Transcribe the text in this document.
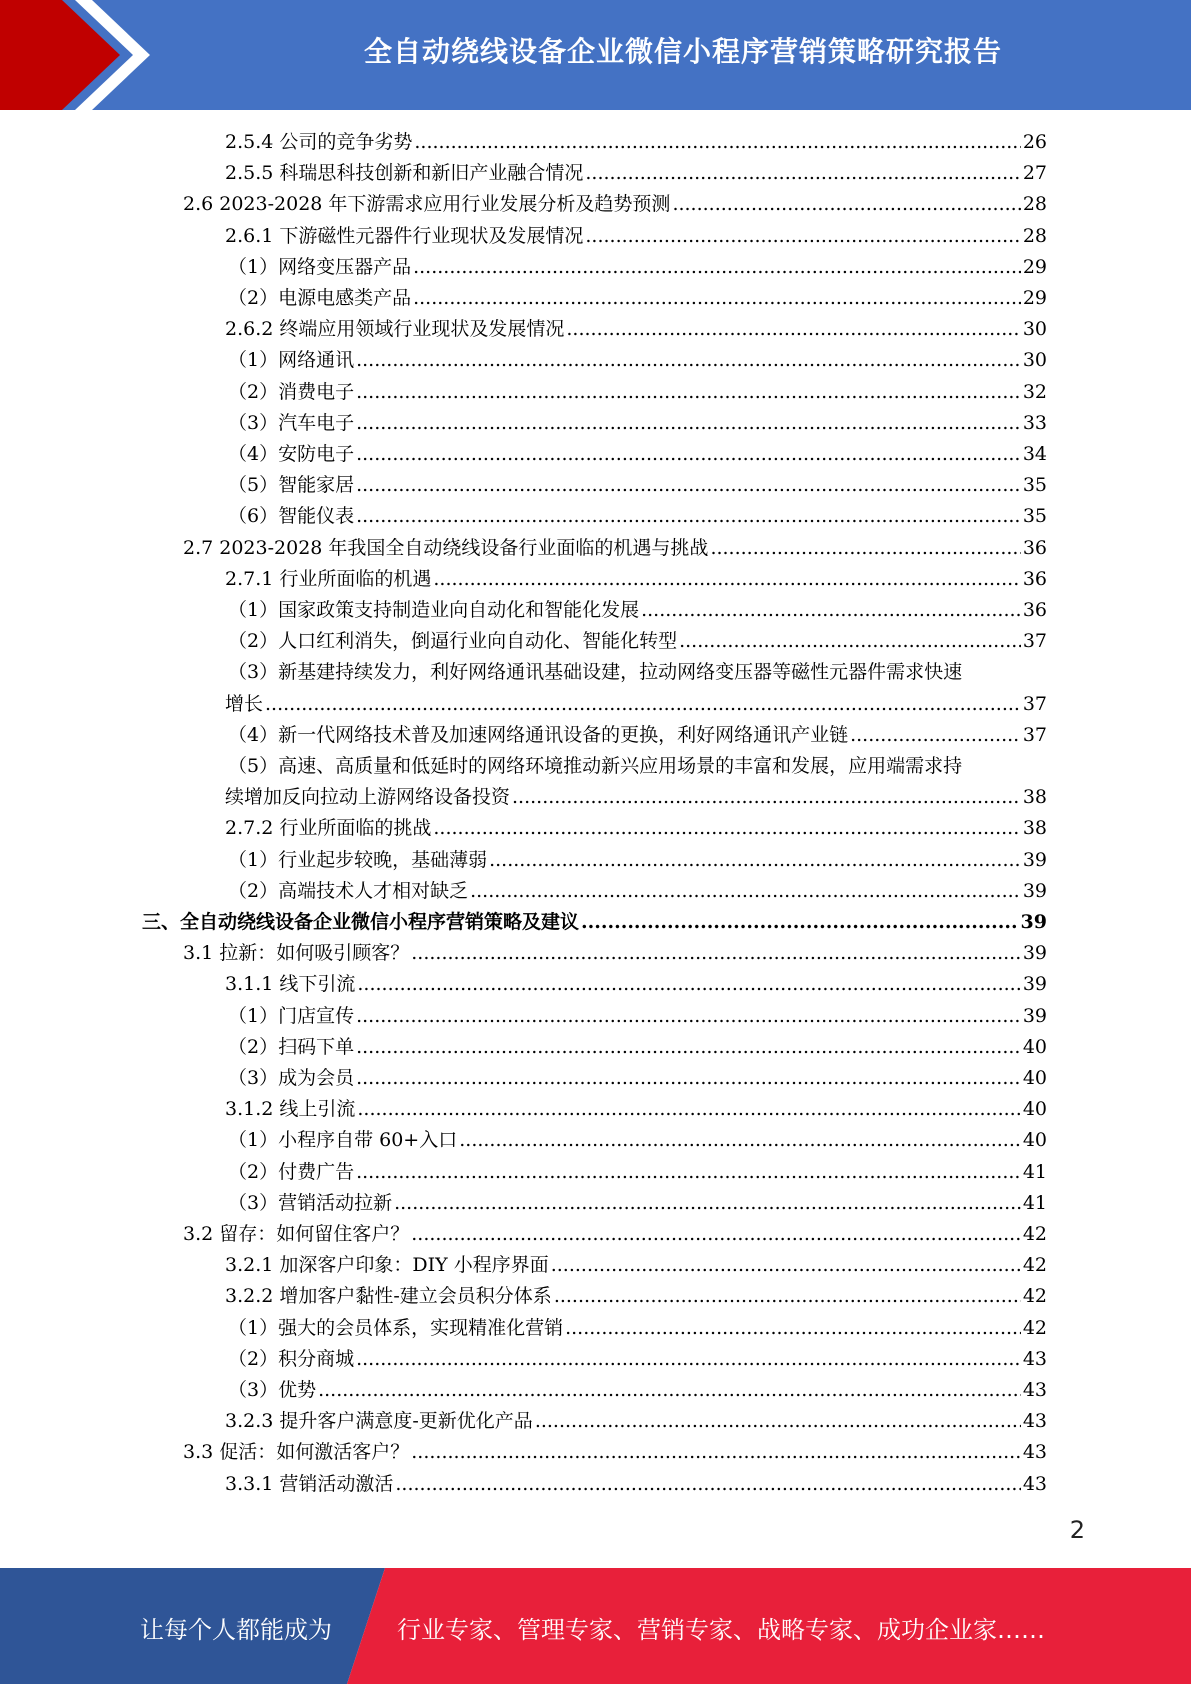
全自动绕线设备企业微信小程序营销策略研究报告
2.5.4 公司的竞争劣势 .....	26
2.5.5 科瑞思科技创新和新旧产业融合情况 .....	27
2.6 2023-2028 年下游需求应用行业发展分析及趋势预测 .....	28
2.6.1 下游磁性元器件行业现状及发展情况 .....	28
（1）网络变压器产品 .....	29
（2）电源电感类产品 .....	29
2.6.2 终端应用领域行业现状及发展情况 .....	30
（1）网络通讯 .....	30
（2）消费电子 .....	32
（3）汽车电子 .....	33
（4）安防电子 .....	34
（5）智能家居 .....	35
（6）智能仪表 .....	35
2.7 2023-2028 年我国全自动绕线设备行业面临的机遇与挑战 .....	36
2.7.1 行业所面临的机遇 .....	36
（1）国家政策支持制造业向自动化和智能化发展 .....	36
（2）人口红利消失，倒逼行业向自动化、智能化转型 .....	37
（3）新基建持续发力，利好网络通讯基础设建，拉动网络变压器等磁性元器件需求快速
增长 .....	37
（4）新一代网络技术普及加速网络通讯设备的更换，利好网络通讯产业链 .....	37
（5）高速、高质量和低延时的网络环境推动新兴应用场景的丰富和发展，应用端需求持
续增加反向拉动上游网络设备投资 .....	38
2.7.2 行业所面临的挑战 .....	38
（1）行业起步较晚，基础薄弱 .....	39
（2）高端技术人才相对缺乏 .....	39
三、全自动绕线设备企业微信小程序营销策略及建议 .....	39
3.1 拉新：如何吸引顾客？ .....	39
3.1.1 线下引流 .....	39
（1）门店宣传 .....	39
（2）扫码下单 .....	40
（3）成为会员 .....	40
3.1.2 线上引流 .....	40
（1）小程序自带 60+入口 .....	40
（2）付费广告 .....	41
（3）营销活动拉新 .....	41
3.2 留存：如何留住客户？ .....	42
3.2.1 加深客户印象：DIY 小程序界面 .....	42
3.2.2 增加客户黏性-建立会员积分体系 .....	42
（1）强大的会员体系，实现精准化营销 .....	42
（2）积分商城 .....	43
（3）优势 .....	43
3.2.3 提升客户满意度-更新优化产品 .....	43
3.3 促活：如何激活客户？ .....	43
3.3.1 营销活动激活 .....	43
2
让每个人都能成为	行业专家、管理专家、营销专家、战略专家、成功企业家……
